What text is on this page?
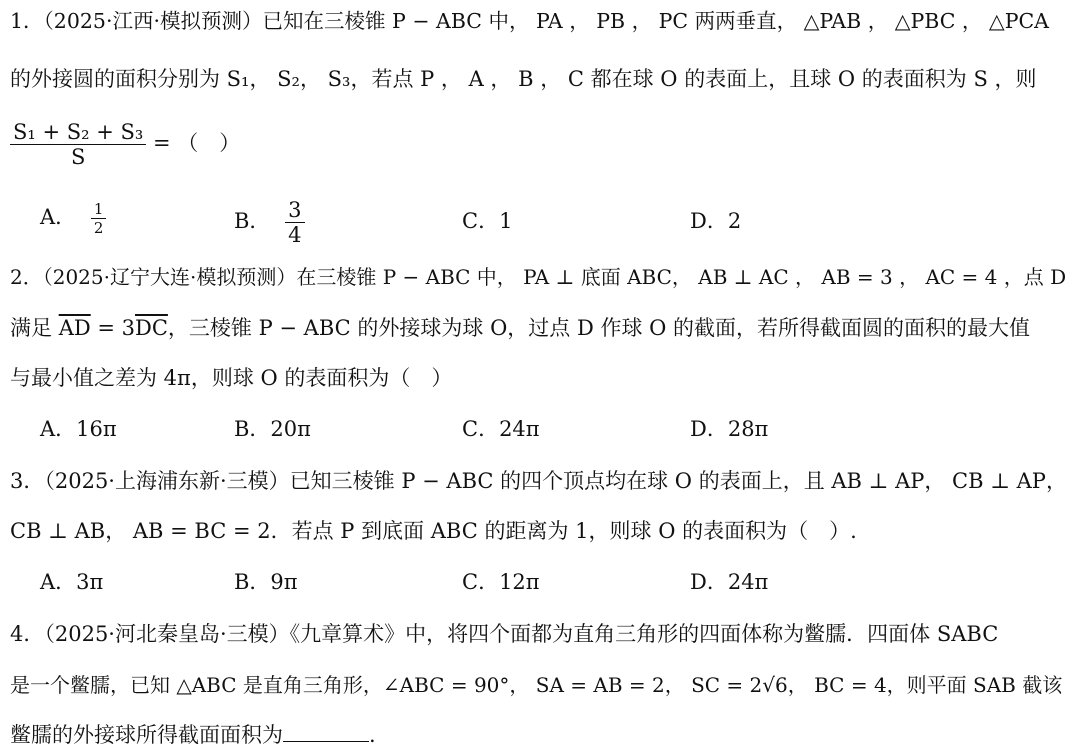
1．（2025·江西·模拟预测）已知在三棱锥 P − ABC 中， PA ， PB ， PC 两两垂直， △PAB ， △PBC ， △PCA
的外接圆的面积分别为 S₁， S₂， S₃，若点 P ， A ， B ， C 都在球 O 的表面上，且球 O 的表面积为 S ，则
$\frac{\text{S₁ + S₂ + S₃}}{S}$ = （　）
A． $\frac{1}{2}$	B． $\frac{3}{4}$	C．1	D．2
2．（2025·辽宁大连·模拟预测）在三棱锥 P − ABC 中， PA ⊥ 底面 ABC， AB ⊥ AC ， AB = 3 ， AC = 4 ，点 D
满足 $\overline{AD} = 3\overline{DC}$，三棱锥 P − ABC 的外接球为球 O，过点 D 作球 O 的截面，若所得截面圆的面积的最大值
与最小值之差为 4π，则球 O 的表面积为（　）
A．16π	B．20π	C．24π	D．28π
3．（2025·上海浦东新·三模）已知三棱锥 P − ABC 的四个顶点均在球 O 的表面上，且 AB ⊥ AP， CB ⊥ AP，
CB ⊥ AB， AB = BC = 2．若点 P 到底面 ABC 的距离为 1，则球 O 的表面积为（　）.
A．3π	B．9π	C．12π	D．24π
4．（2025·河北秦皇岛·三模）《九章算术》中，将四个面都为直角三角形的四面体称为鳖臑．四面体 SABC
是一个鳖臑，已知 △ABC 是直角三角形，∠ABC = 90°， SA = AB = 2， SC = 2√6， BC = 4，则平面 SAB 截该
鳖臑的外接球所得截面面积为	.
